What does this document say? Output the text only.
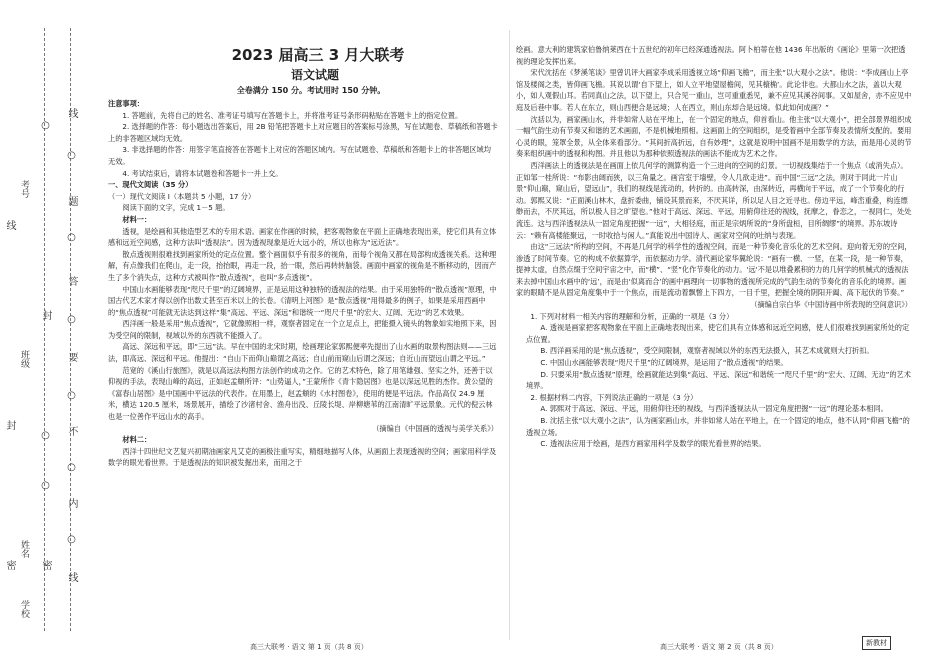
线
○
题
○
答
○
要
○
不
○
内
○
线
○
封
○
密
○
考号
班级
姓名
学校
线
封
密

2023 届高三 3 月大联考

语文试题

全卷满分 150 分。考试用时 150 分钟。

注意事项：

1. 答题前，先将自己的姓名、准考证号填写在答题卡上，并将准考证号条形码粘贴在答题卡上的指定位置。

2. 选择题的作答：每小题选出答案后，用 2B 铅笔把答题卡上对应题目的答案标号涂黑，写在试题卷、草稿纸和答题卡上的非答题区域均无效。

3. 非选择题的作答：用签字笔直接答在答题卡上对应的答题区域内。写在试题卷、草稿纸和答题卡上的非答题区域均无效。

4. 考试结束后，请将本试题卷和答题卡一并上交。

一、现代文阅读（35 分）

（一）现代文阅读 Ⅰ（本题共 5 小题，17 分）

阅读下面的文字，完成 1－5 题。

材料一：

透视，是绘画和其他造型艺术的专用术语。画家在作画的时候，把客观物象在平面上正确地表现出来，使它们具有立体感和远近空间感，这种方法叫“透视法”。因为透视现象是近大远小的，所以也称为“远近法”。

散点透视则很难找到画家所处的定点位置。整个画面似乎有很多的视角，而每个视角又都在局部构成透视关系。这种理解，有点像我们在爬山，走一段，抬抬眼，再走一段，抬一眼，然后再转转脑袋。画面中画家的视角是不断移动的，因而产生了多个消失点，这种方式被叫作“散点透视”，也叫“多点透视”。

中国山水画能够表现“咫尺千里”的辽阔境界，正是运用这种独特的透视法的结果。由于采用独特的“散点透视”原理，中国古代艺术家才得以创作出数丈甚至百米以上的长卷。《清明上河图》是“散点透视”用得最多的例子，如果是采用西画中的“焦点透视”可能就无法达到这样“集”高远、平远、深远”和谐统一“咫尺千里”的宏大、辽阔、无边”的艺术效果。

西洋画一般是采用“焦点透视”，它就像照相一样，观察者固定在一个立足点上，把能摄入镜头的物象如实地照下来，因为受空间的限制，视域以外的东西就不能摄入了。

高远、深远和平远，即“三远”法。早在中国的北宋时期，绘画理论家郭熙便率先提出了山水画的取景构图法则——三远法，即高远、深远和平远。他提出：“自山下而仰山巅谓之高远；自山前而窥山后谓之深远；自近山而望远山谓之平远。”

范宽的《溪山行旅图》，就是以高远法构图方法创作的成功之作。它的艺术特色，除了用笔雄强、坚实之外，还善于以仰视的手法，表现山峰的高远，正如赵孟頫所评：“山势逼人，”王蒙所作《青卞隐居图》也是以深远见胜的杰作。黄公望的《富春山居图》是中国画中平远法的代表作。在用墨上，赵孟頫的《水村图卷》，使用的便是平远法。作品高仅 24.9 厘米，横达 120.5 厘米，场景展开，描绘了沙渚村舍、渔舟出没、丘陵长堤、岸柳塘苇的江南清旷平远景象。元代的倪云林也是一位善作平远山水的高手。

（摘编自《中国画的透视与美学关系》）

材料二：

西洋十四世纪文艺复兴初期油画家凡艾克的画极注重写实，精细地描写人体，从画面上表现透视的空间；画家用科学及数学的眼光看世界。于是透视法的知识被发掘出来，而用之于

绘画。意大利的建筑家伯鲁纳莱西在十五世纪的初年已经深通透视法。阿卜柏蒂在他 1436 年出版的《画论》里第一次把透视的理论发挥出来。

宋代沈括在《梦溪笔谈》里曾讥评大画家李成采用透视立场“仰画飞檐”，而主张“以大观小之法”。他说：“李成画山上亭馆及楼阁之类，皆仰画飞檐。其说以谓‘自下望上，如人立平地望屋檐间，见其榱桷’。此论非也。大都山水之法，盖以大观小，如人观假山耳。若同真山之法，以下望上，只合见一重山，岂可重重悉见，兼不应见其溪谷间事。又如屋舍，亦不应见中庭及后巷中事。若人在东立，则山西便合是远境；人在西立，则山东却合是远境。似此如何成画？”

沈括以为，画家画山水，并非如常人站在平地上，在一个固定的地点，仰首看山。他主张“以大观小”，把全部景界组织成一幅气韵生动有节奏又和谐的艺术画面，不是机械地照相。这画面上的空间组织，是受着画中全部节奏及表情所支配的。要用心灵的眼，笼罩全景，从全体来看部分。“其间折高折远，自有妙理”，这就是说明中国画不是用数学的方法，而是用心灵的节奏来组织画中的透视和构图。并且他以为那种依照透视法的画法不能成为艺术之作。

西洋画法上的透视法是在画面上依几何学的测算构造一个三进向的空间的幻景。一切视线集结于一个焦点（或消失点）。正如邹一桂所说：“布影由阔而狭，以三角量之。画宫室于墙壁，令人几欲走进”。而中国“三远”之法，则对于同此一片山景“仰山巅，窥山后，望远山”，我们的视线是流动的，转折的。由高转深，由深转近，再横向于平远，成了一个节奏化的行动。郭熙又说：“正面溪山林木，盘折委曲，铺设其景而来，不厌其详，所以足人目之近寻也。傍边平远，峰峦重叠，构连缥缈而去，不厌其远，所以极人目之旷望也。”他对于高远、深远、平远，用俯仰往还的视线，抚摩之，眷恋之，一视同仁，处处流连。这与西洋透视法从一固定角度把握“一远”，大相径庭，而正是宗炳所说的“身所盘桓，目所绸缪”的境界。苏东坡诗云：“赖有高楼能聚远，一时收拾与闲人。”真能说出中国诗人、画家对空间的吐纳与表现。

由这“三远法”所构的空间，不再是几何学的科学性的透视空间，而是一种节奏化音乐化的艺术空间。迎向着无穷的空间，渗透了时间节奏。它的构成不依据算学，而依据动力学。清代画论家华翼纶说：“画有一横、一竖，在某一段，是一种节奏，提神太虚，自然点缀于空间宇宙之中，而“横”、“竖”化作节奏化的动力。'远'不是以堆叠累积的力的几何学的机械式的透视法来去掉中国山水画中的‘远’，而是由‘似离而合’的画中画理向一切事物的透视所完成的气韵生动的节奏化的音乐化的境界。画家的眼睛不是从固定角度集中于一个焦点，而是流动着飘瞥上下四方，一目千里，把握全境的阴阳开阖、高下起伏的节奏。”

（摘编自宗白华《中国诗画中所表现的空间意识》）

1. 下列对材料一相关内容的理解和分析，正确的一项是（3 分）

A. 透视是画家把客观物象在平面上正确地表现出来，使它们具有立体感和远近空间感，使人们很难找到画家所处的定点位置。

B. 西洋画采用的是“焦点透视”，受空间限制，观察者视域以外的东西无法摄入，其艺术成就则大打折扣。

C. 中国山水画能够表现“咫尺千里”的辽阔境界，是运用了“散点透视”的结果。

D. 只要采用“散点透视”原理，绘画就能达到集“高远、平远、深远”和谐统一“咫尺千里”的“宏大、辽阔、无边”的艺术境界。

2. 根据材料二内容，下列说法正确的一项是（3 分）

A. 郭熙对于高远、深远、平远，用俯仰往还的视线，与西洋透视法从一固定角度把握“一远”的理论基本相同。

B. 沈括主张“以大观小之法”，认为画家画山水，并非如常人站在平地上，在一个固定的地点，他不认同“仰画飞檐”的透视立场。

C. 透视法应用于绘画，是西方画家用科学及数学的眼光看世界的结果。

高三大联考 · 语文 第 1 页（共 8 页）	高三大联考 · 语文 第 2 页（共 8 页）	新教材
